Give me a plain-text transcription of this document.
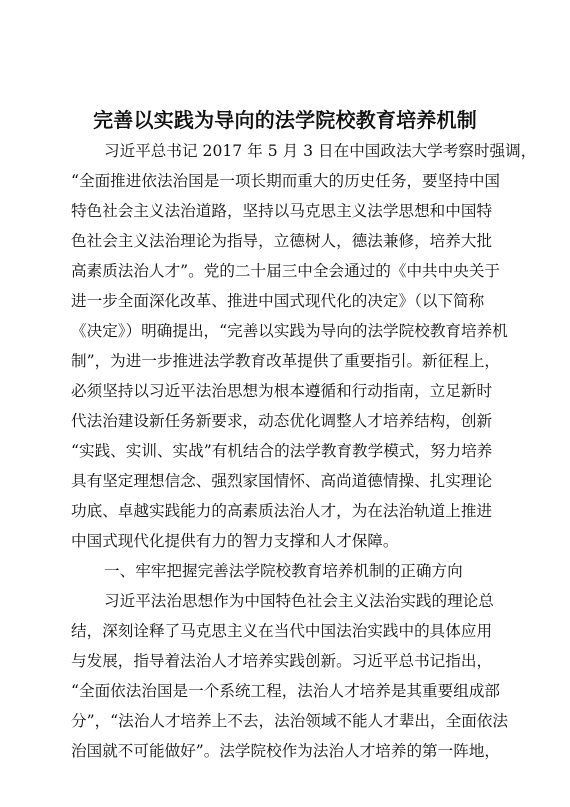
完善以实践为导向的法学院校教育培养机制
习近平总书记 2017 年 5 月 3 日在中国政法大学考察时强调，
“全面推进依法治国是一项长期而重大的历史任务，要坚持中国
特色社会主义法治道路，坚持以马克思主义法学思想和中国特
色社会主义法治理论为指导，立德树人，德法兼修，培养大批
高素质法治人才”。党的二十届三中全会通过的《中共中央关于
进一步全面深化改革、推进中国式现代化的决定》（以下简称
《决定》）明确提出，“完善以实践为导向的法学院校教育培养机
制”，为进一步推进法学教育改革提供了重要指引。新征程上，
必须坚持以习近平法治思想为根本遵循和行动指南，立足新时
代法治建设新任务新要求，动态优化调整人才培养结构，创新
“实践、实训、实战”有机结合的法学教育教学模式，努力培养
具有坚定理想信念、强烈家国情怀、高尚道德情操、扎实理论
功底、卓越实践能力的高素质法治人才，为在法治轨道上推进
中国式现代化提供有力的智力支撑和人才保障。
一、牢牢把握完善法学院校教育培养机制的正确方向
习近平法治思想作为中国特色社会主义法治实践的理论总
结，深刻诠释了马克思主义在当代中国法治实践中的具体应用
与发展，指导着法治人才培养实践创新。习近平总书记指出，
“全面依法治国是一个系统工程，法治人才培养是其重要组成部
分”，“法治人才培养上不去，法治领域不能人才辈出，全面依法
治国就不可能做好”。法学院校作为法治人才培养的第一阵地，
